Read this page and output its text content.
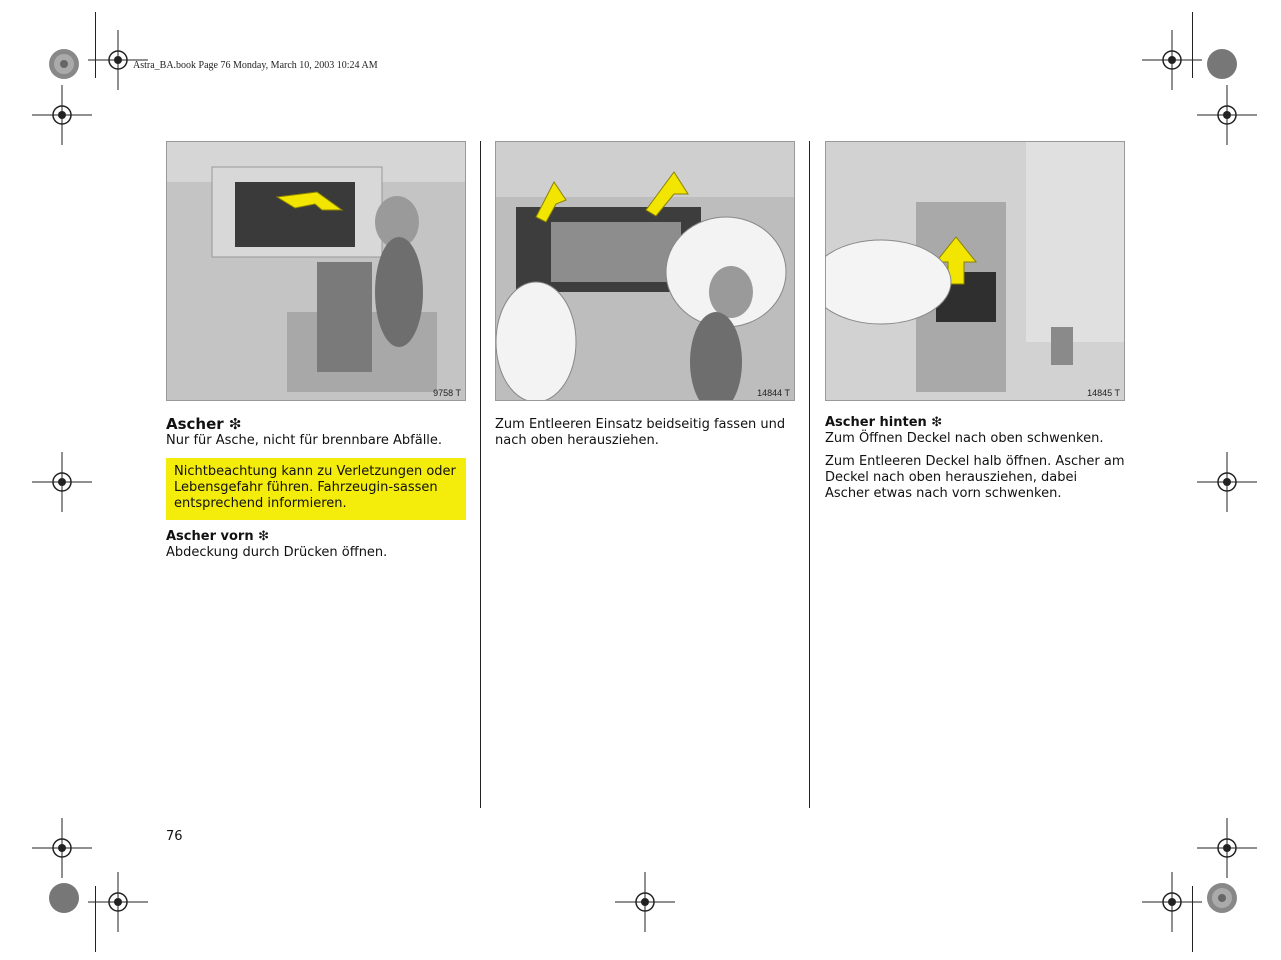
Astra_BA.book Page 76 Monday, March 10, 2003 10:24 AM
9758 T	14844 T	14845 T

Ascher ❇

Nur für Asche, nicht für brennbare Abfälle.

Nichtbeachtung kann zu Verletzungen oder Lebensgefahr führen. Fahrzeugin-sassen entsprechend informieren.

Ascher vorn ❇

Abdeckung durch Drücken öffnen.

Zum Entleeren Einsatz beidseitig fassen und nach oben herausziehen.

Ascher hinten ❇

Zum Öffnen Deckel nach oben schwenken.

Zum Entleeren Deckel halb öffnen. Ascher am Deckel nach oben herausziehen, dabei Ascher etwas nach vorn schwenken.

76
